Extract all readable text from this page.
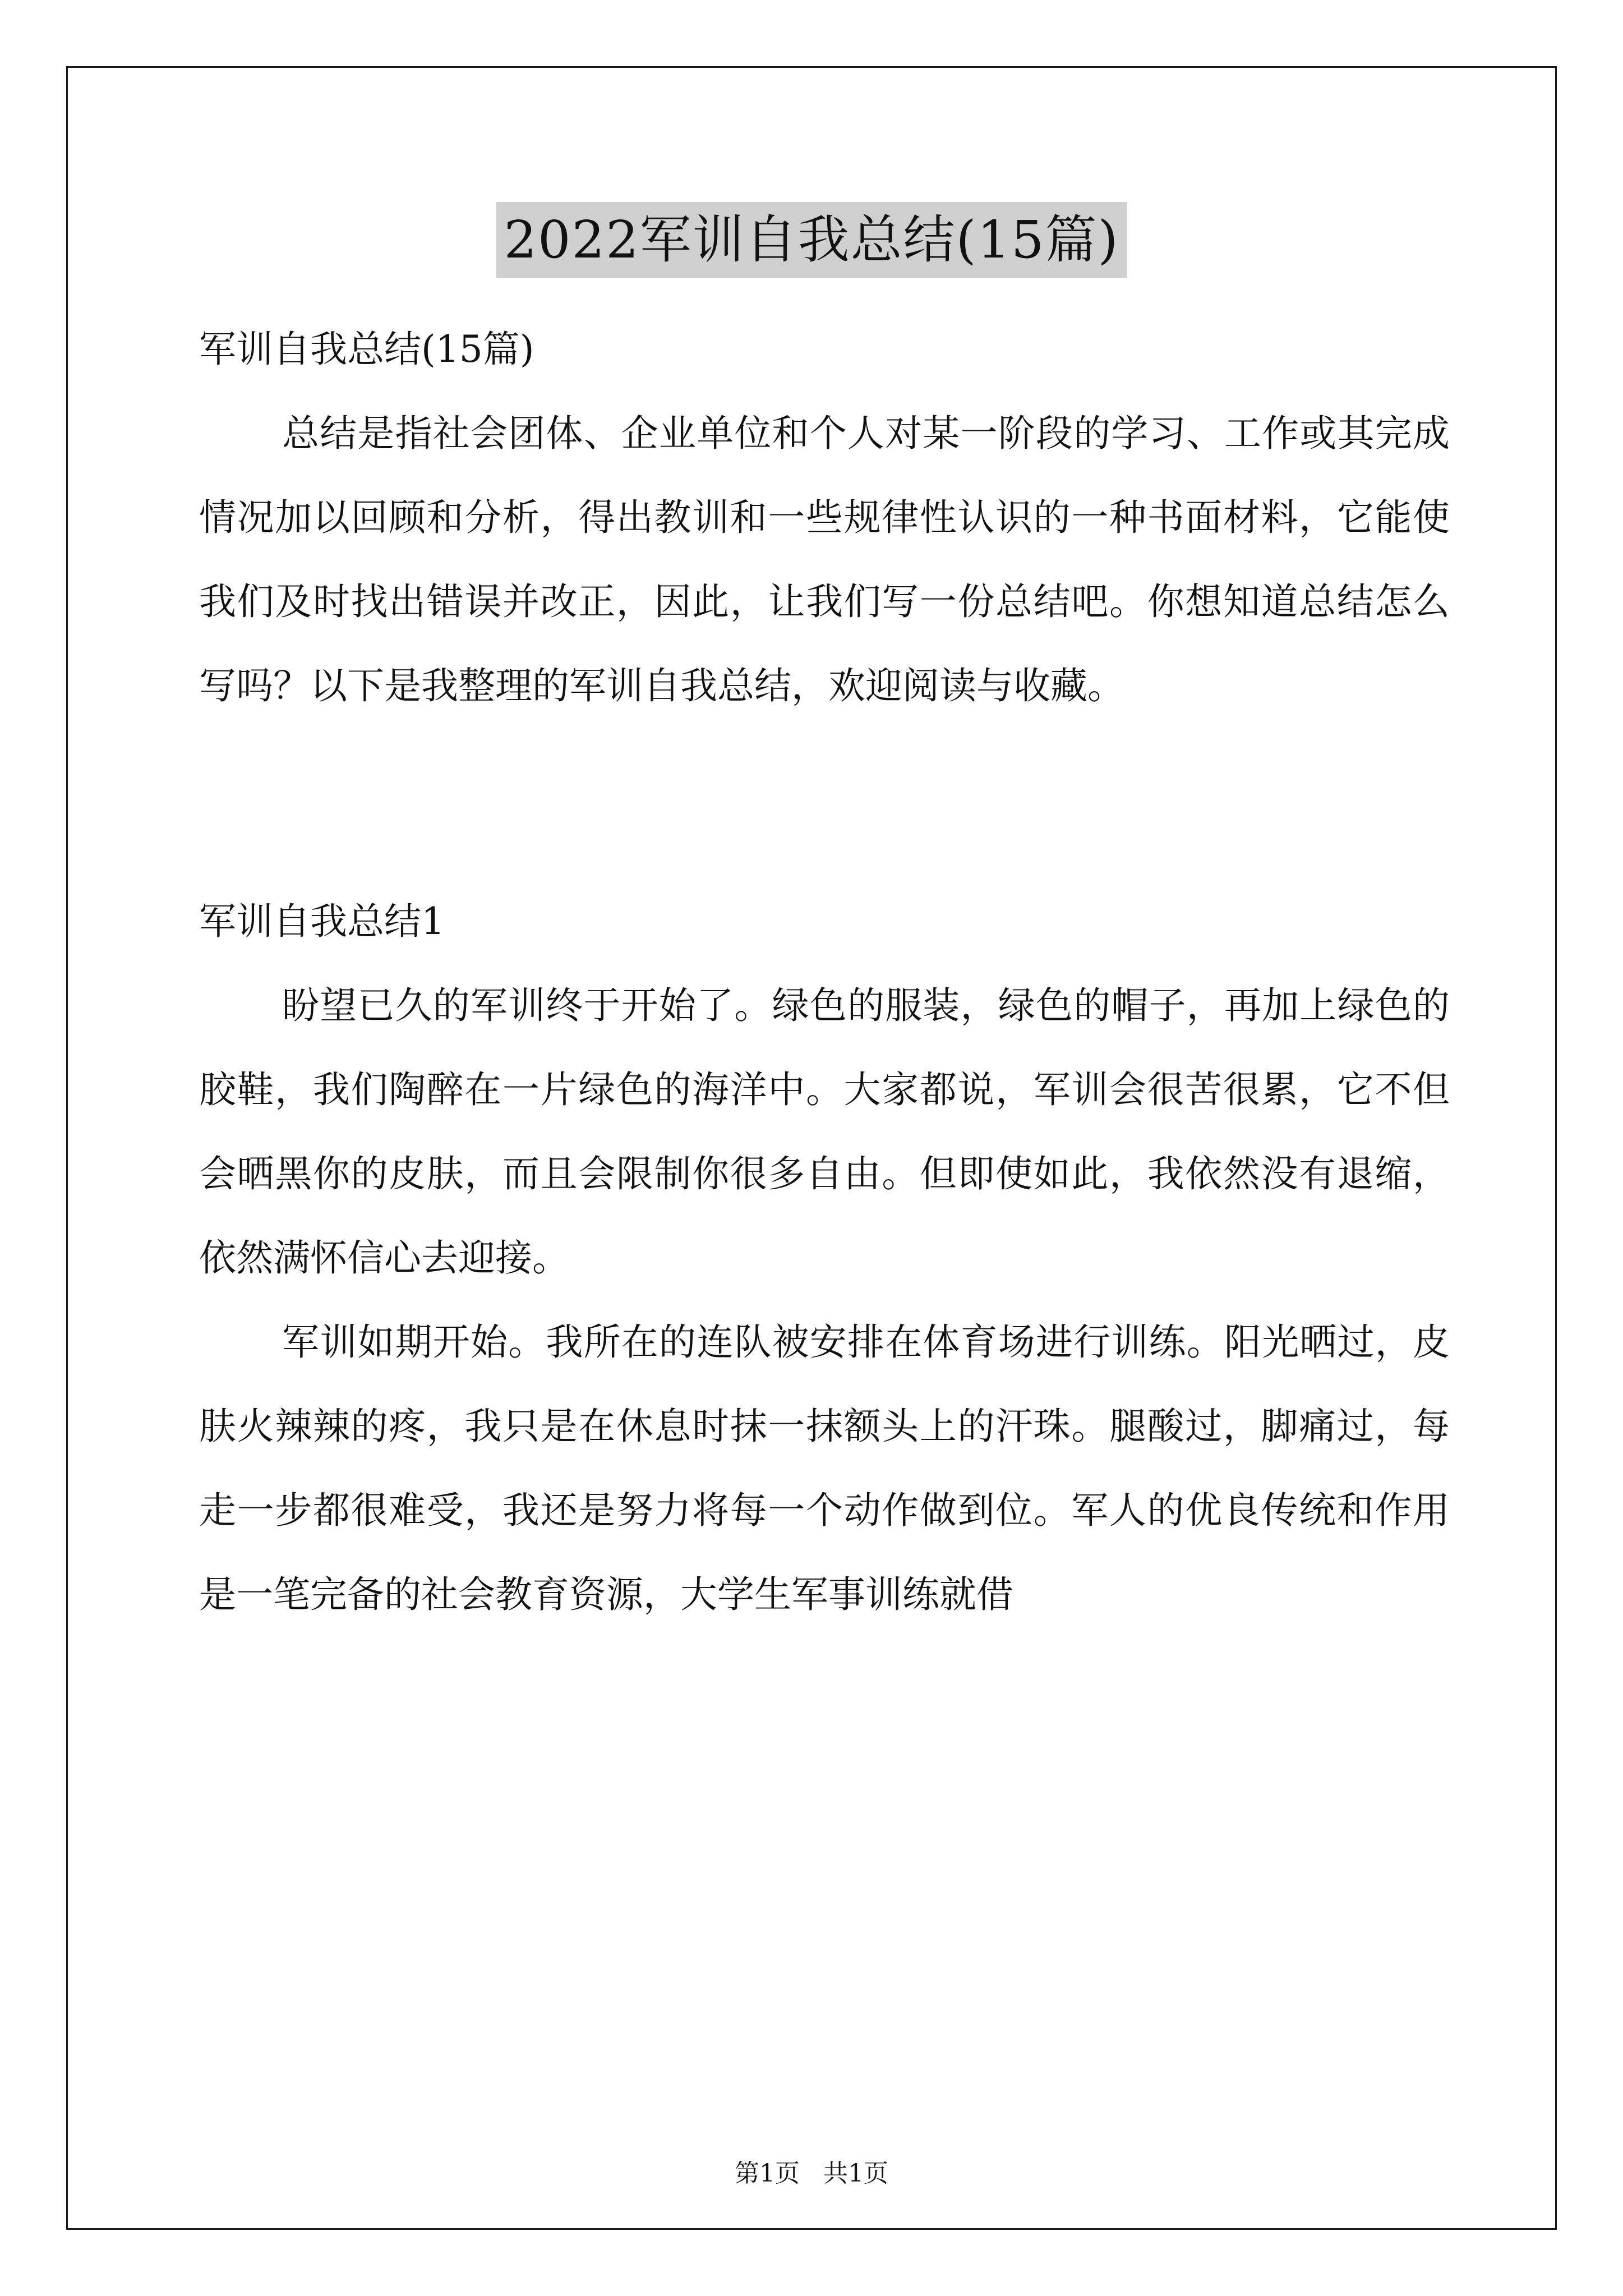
2022军训自我总结(15篇)

军训自我总结(15篇)

总结是指社会团体、企业单位和个人对某一阶段的学习、工作或其完成情况加以回顾和分析，得出教训和一些规律性认识的一种书面材料，它能使我们及时找出错误并改正，因此，让我们写一份总结吧。你想知道总结怎么写吗？以下是我整理的军训自我总结，欢迎阅读与收藏。

军训自我总结1

盼望已久的军训终于开始了。绿色的服装，绿色的帽子，再加上绿色的胶鞋，我们陶醉在一片绿色的海洋中。大家都说，军训会很苦很累，它不但会晒黑你的皮肤，而且会限制你很多自由。但即使如此，我依然没有退缩，依然满怀信心去迎接。

军训如期开始。我所在的连队被安排在体育场进行训练。阳光晒过，皮肤火辣辣的疼，我只是在休息时抹一抹额头上的汗珠。腿酸过，脚痛过，每走一步都很难受，我还是努力将每一个动作做到位。军人的优良传统和作用是一笔完备的社会教育资源，大学生军事训练就借

第1页   共1页
